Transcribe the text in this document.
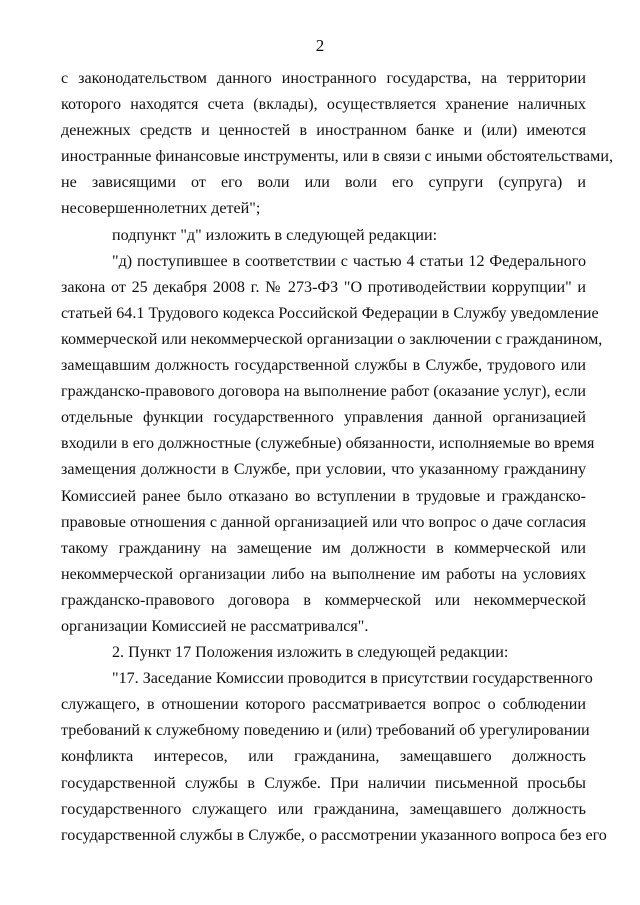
2

с законодательством данного иностранного государства, на территории
которого находятся счета (вклады), осуществляется хранение наличных
денежных средств и ценностей в иностранном банке и (или) имеются
иностранные финансовые инструменты, или в связи с иными обстоятельствами,
не зависящими от его воли или воли его супруги (супруга) и
несовершеннолетних детей";

подпункт "д" изложить в следующей редакции:

"д) поступившее в соответствии с частью 4 статьи 12 Федерального
закона от 25 декабря 2008 г. № 273-ФЗ "О противодействии коррупции" и
статьей 64.1 Трудового кодекса Российской Федерации в Службу уведомление
коммерческой или некоммерческой организации о заключении с гражданином,
замещавшим должность государственной службы в Службе, трудового или
гражданско-правового договора на выполнение работ (оказание услуг), если
отдельные функции государственного управления данной организацией
входили в его должностные (служебные) обязанности, исполняемые во время
замещения должности в Службе, при условии, что указанному гражданину
Комиссией ранее было отказано во вступлении в трудовые и гражданско-
правовые отношения с данной организацией или что вопрос о даче согласия
такому гражданину на замещение им должности в коммерческой или
некоммерческой организации либо на выполнение им работы на условиях
гражданско-правового договора в коммерческой или некоммерческой
организации Комиссией не рассматривался".

2. Пункт 17 Положения изложить в следующей редакции:

"17. Заседание Комиссии проводится в присутствии государственного
служащего, в отношении которого рассматривается вопрос о соблюдении
требований к служебному поведению и (или) требований об урегулировании
конфликта интересов, или гражданина, замещавшего должность
государственной службы в Службе. При наличии письменной просьбы
государственного служащего или гражданина, замещавшего должность
государственной службы в Службе, о рассмотрении указанного вопроса без его
